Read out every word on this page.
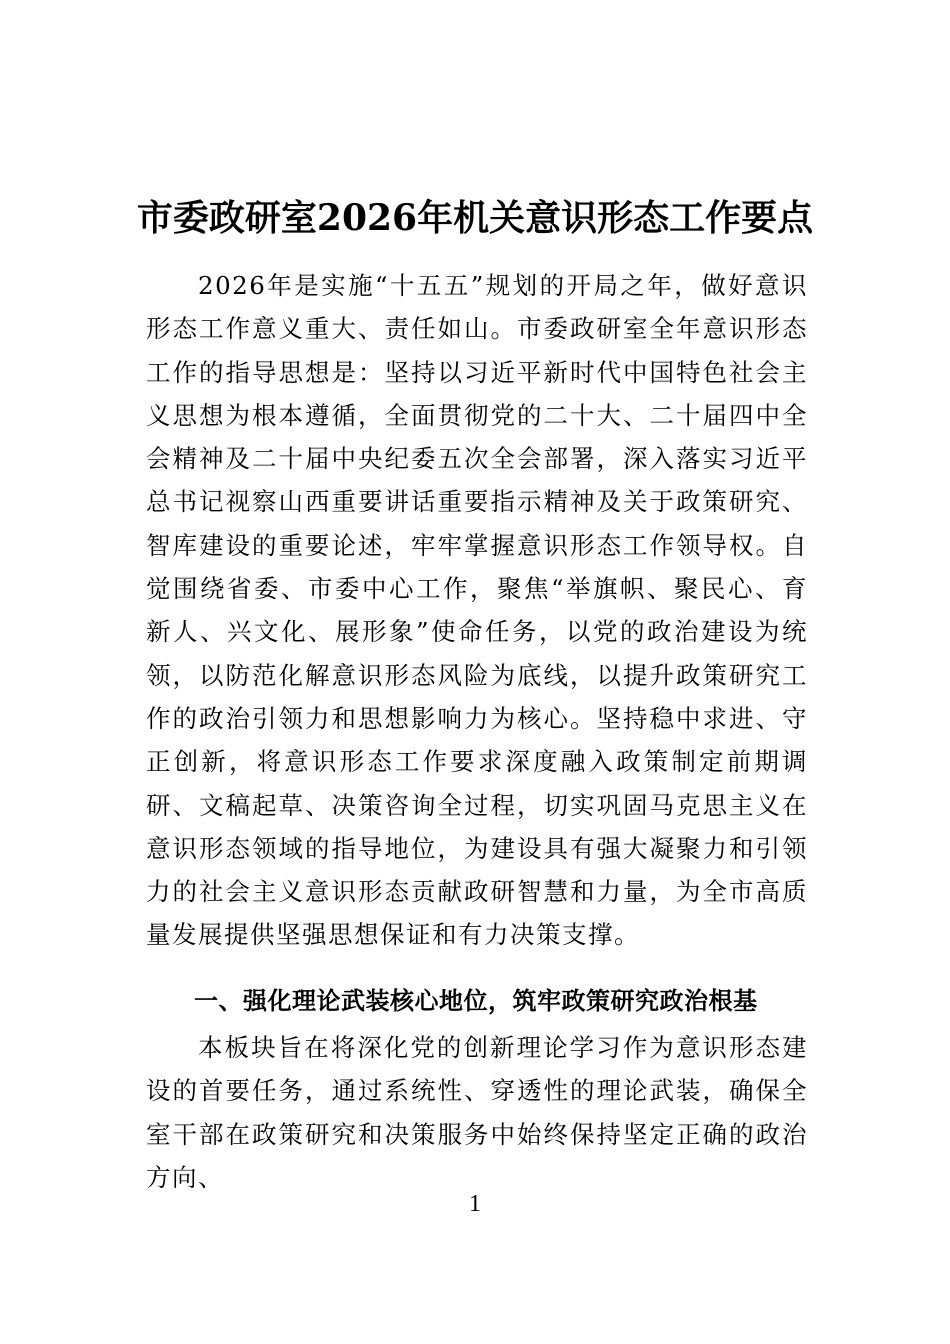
市委政研室2026年机关意识形态工作要点

2026年是实施“十五五”规划的开局之年，做好意识形态工作意义重大、责任如山。市委政研室全年意识形态工作的指导思想是：坚持以习近平新时代中国特色社会主义思想为根本遵循，全面贯彻党的二十大、二十届四中全会精神及二十届中央纪委五次全会部署，深入落实习近平总书记视察山西重要讲话重要指示精神及关于政策研究、智库建设的重要论述，牢牢掌握意识形态工作领导权。自觉围绕省委、市委中心工作，聚焦“举旗帜、聚民心、育新人、兴文化、展形象”使命任务，以党的政治建设为统领，以防范化解意识形态风险为底线，以提升政策研究工作的政治引领力和思想影响力为核心。坚持稳中求进、守正创新，将意识形态工作要求深度融入政策制定前期调研、文稿起草、决策咨询全过程，切实巩固马克思主义在意识形态领域的指导地位，为建设具有强大凝聚力和引领力的社会主义意识形态贡献政研智慧和力量，为全市高质量发展提供坚强思想保证和有力决策支撑。

一、强化理论武装核心地位，筑牢政策研究政治根基

本板块旨在将深化党的创新理论学习作为意识形态建设的首要任务，通过系统性、穿透性的理论武装，确保全室干部在政策研究和决策服务中始终保持坚定正确的政治方向、

1
